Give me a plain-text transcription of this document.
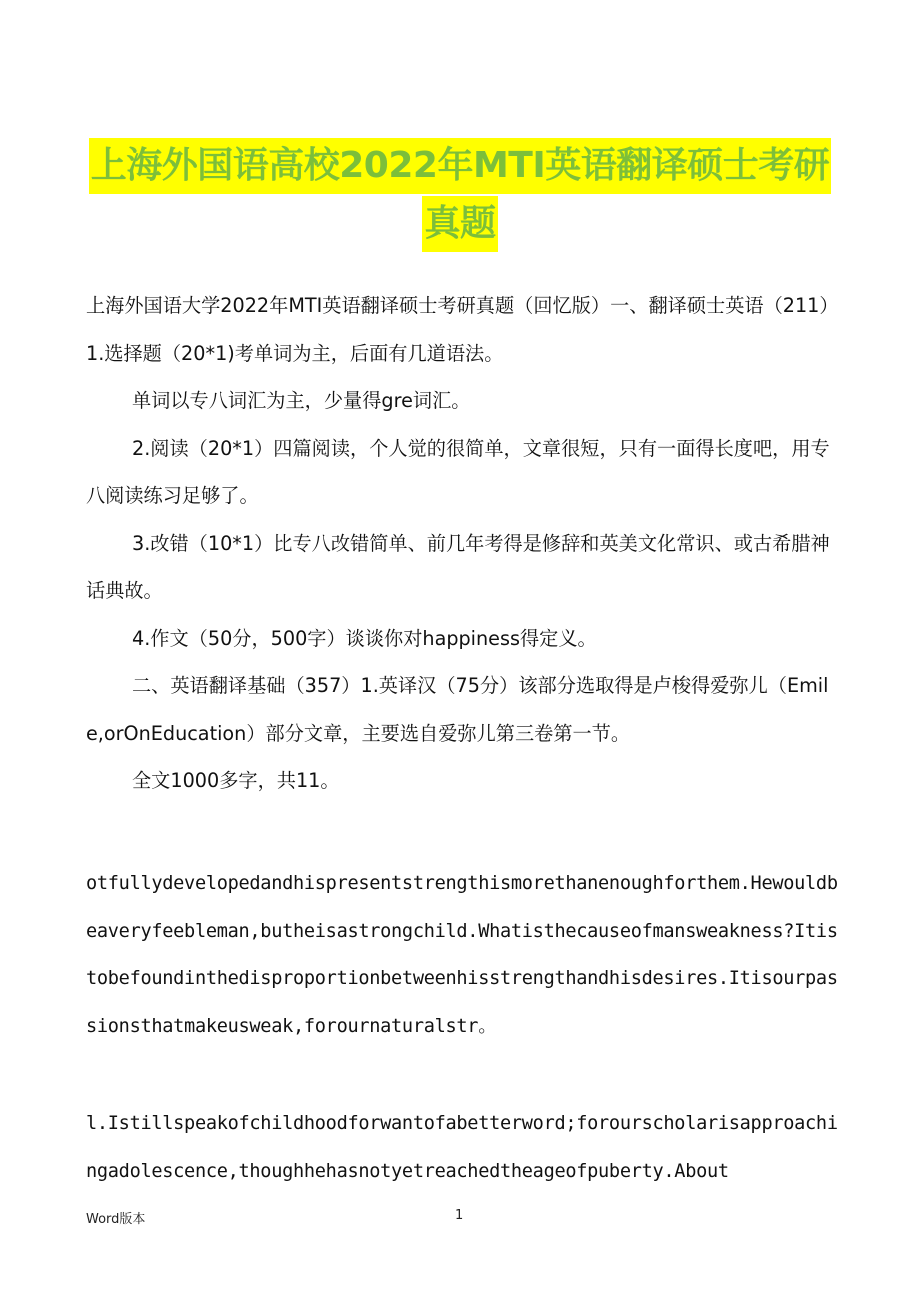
上海外国语高校2022年MTI英语翻译硕士考研
真题

上海外国语大学2022年MTI英语翻译硕士考研真题（回忆版）一、翻译硕士英语（211）1.选择题（20*1)考单词为主，后面有几道语法。

单词以专八词汇为主，少量得gre词汇。

2.阅读（20*1）四篇阅读，个人觉的很简单，文章很短，只有一面得长度吧，用专八阅读练习足够了。

3.改错（10*1）比专八改错简单、前几年考得是修辞和英美文化常识、或古希腊神话典故。

4.作文（50分，500字）谈谈你对happiness得定义。

二、英语翻译基础（357）1.英译汉（75分）该部分选取得是卢梭得爱弥儿（Emile,orOnEducation）部分文章，主要选自爱弥儿第三卷第一节。

全文1000多字，共11。

otfullydevelopedandhispresentstrengthismorethanenoughforthem.Hewouldbeaveryfeebleman,butheisastrongchild.Whatisthecauseofmansweakness?Itistobefoundinthedisproportionbetweenhisstrengthandhisdesires.Itisourpassionsthatmakeusweak,forournaturalstr。
l.Istillspeakofchildhoodforwantofabetterword;forourscholarisapproachingadolescence,thoughhehasnotyetreachedtheageofpuberty.About
Word版本	1
